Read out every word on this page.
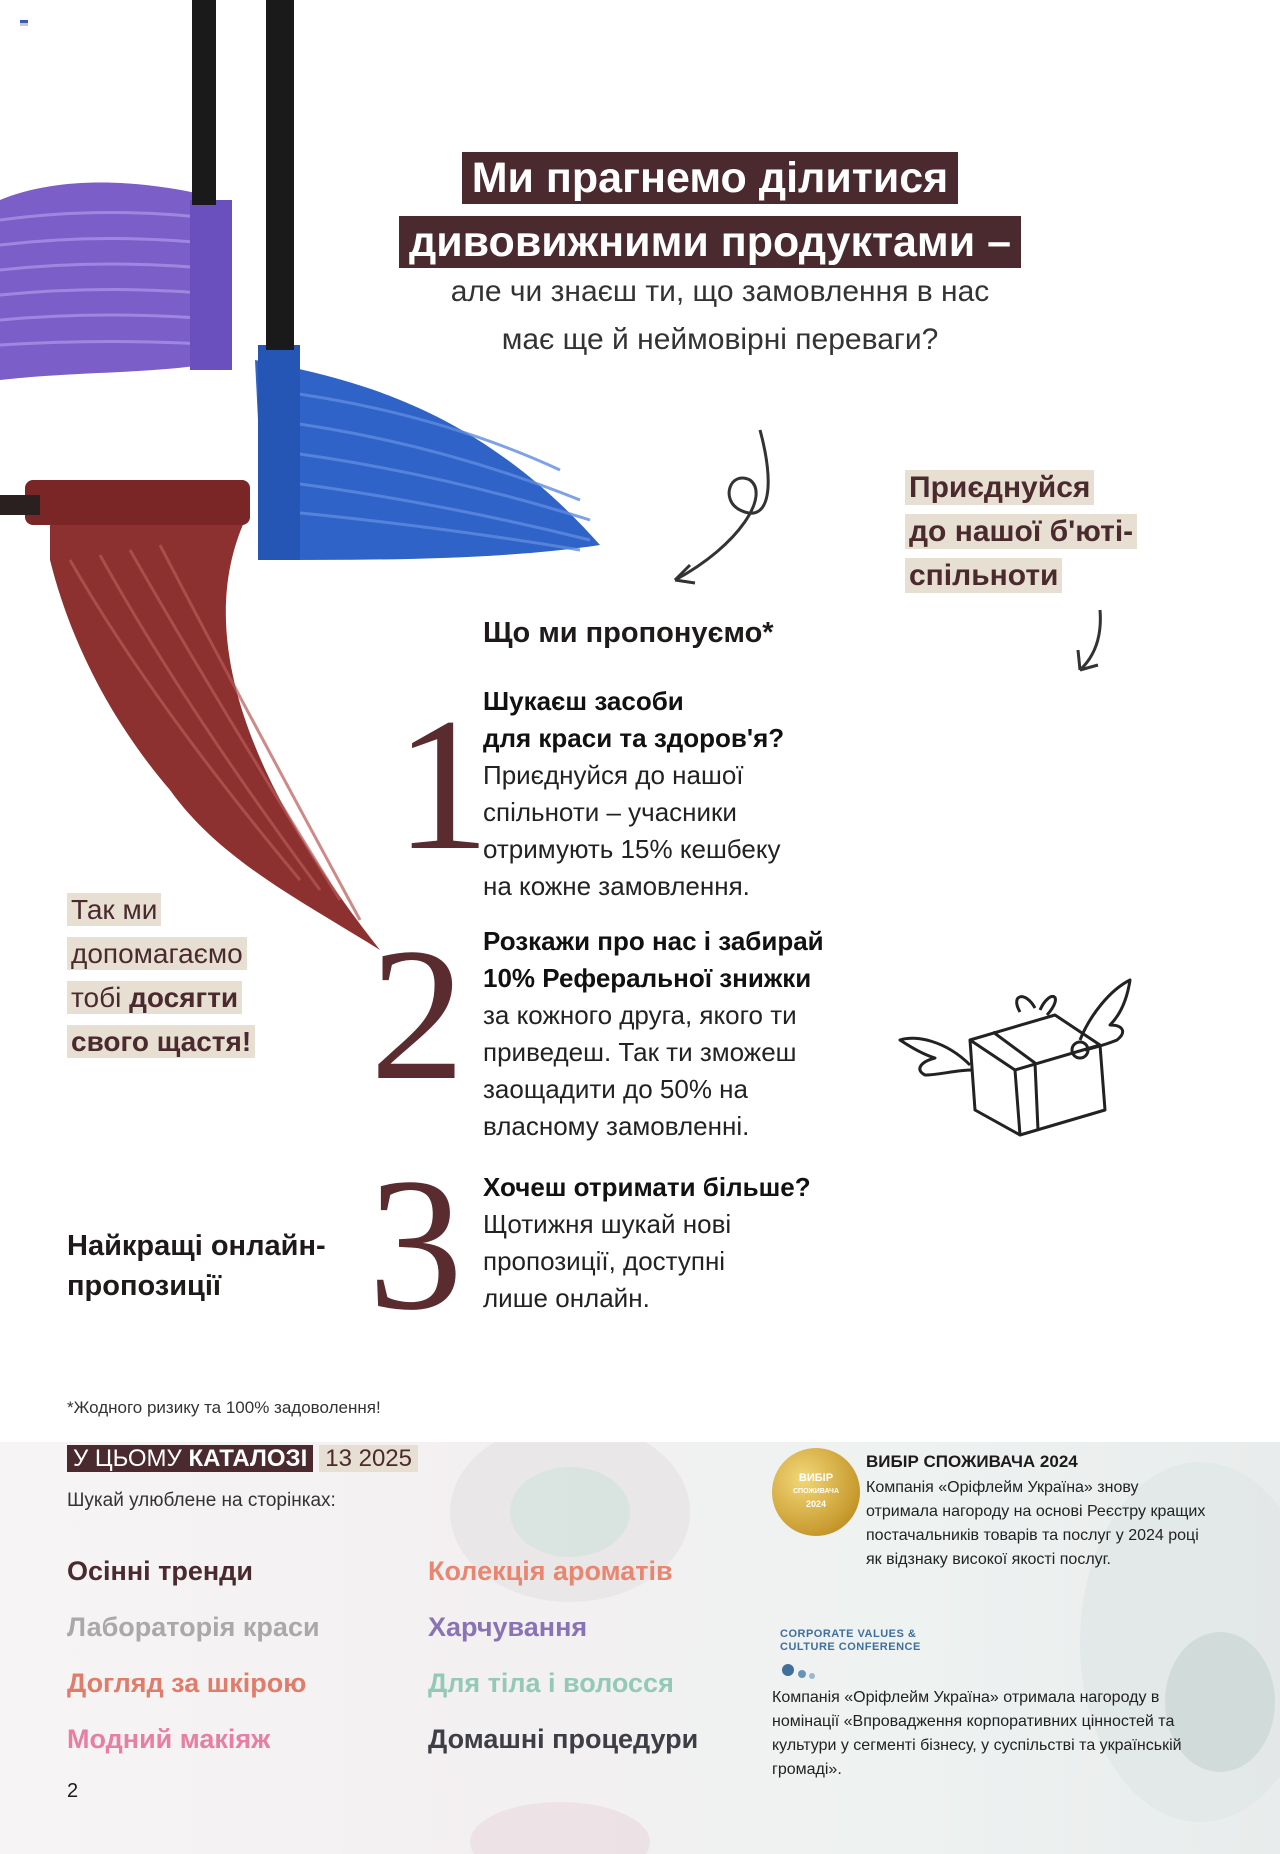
Ми прагнемо ділитися
дивовижними продуктами –
але чи знаєш ти, що замовлення в нас
має ще й неймовірні переваги?
Приєднуйся
до нашої б'юті-
спільноти
Що ми пропонуємо*
1
Шукаєш засоби
для краси та здоров'я?
Приєднуйся до нашої
спільноти – учасники
отримують 15% кешбеку
на кожне замовлення.
2 Розкажи про нас і забирай
10% Реферальної знижки
за кожного друга, якого ти
приведеш. Так ти зможеш
заощадити до 50% на
власному замовленні.
3 Хочеш отримати більше?
Щотижня шукай нові
пропозиції, доступні
лише онлайн.
Так ми
допомагаємо
тобі досягти
свого щастя!
Найкращі онлайн-
пропозиції
*Жодного ризику та 100% задоволення!
У ЦЬОМУ КАТАЛОЗІ 13 2025
Шукай улюблене на сторінках:
Осінні тренди
Лабораторія краси
Догляд за шкірою
Модний макіяж
Колекція ароматів
Харчування
Для тіла і волосся
Домашні процедури
ВИБІР
СПОЖИВАЧА
2024
ВИБІР СПОЖИВАЧА 2024
Компанія «Оріфлейм Україна» знову отримала нагороду на основі Реєстру кращих постачальників товарів та послуг у 2024 році як відзнаку високої якості послуг.
CORPORATE VALUES &
CULTURE CONFERENCE
Компанія «Оріфлейм Україна» отримала нагороду в номінації «Впровадження корпоративних цінностей та культури у сегменті бізнесу, у суспільстві та українській громаді».
2
